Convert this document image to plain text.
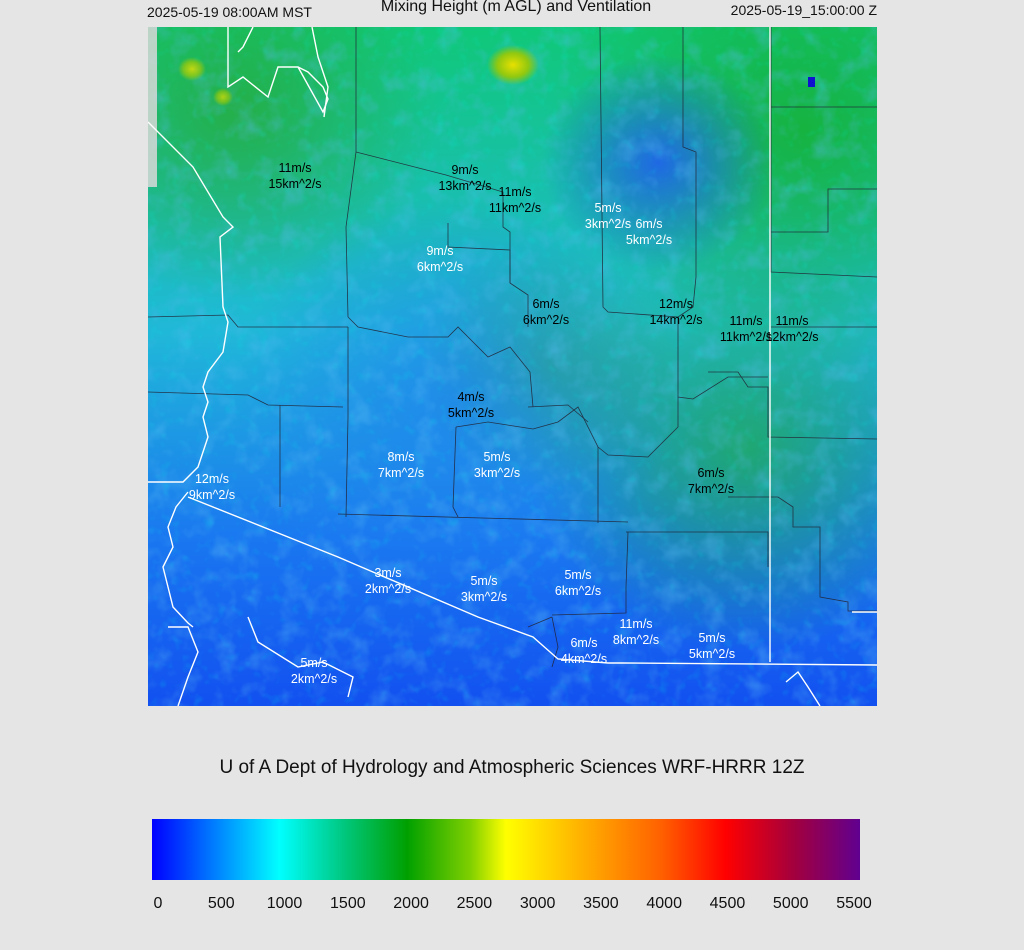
2025-05-19 08:00AM MST	Mixing Height (m AGL) and Ventilation	2025-05-19_15:00:00 Z
11m/s
15km^2/s
9m/s
13km^2/s 11m/s
11km^2/s	5m/s
3km^2/s 6m/s
5km^2/s
9m/s
6km^2/s
6m/s
6km^2/s
12m/s
14km^2/s 11m/s
11km^2/s
11m/s
12km^2/s
4m/s
5km^2/s
8m/s
7km^2/s
5m/s
3km^2/s	6m/s
7km^2/s
12m/s
9km^2/s
3m/s
2km^2/s
5m/s
3km^2/s
5m/s
6km^2/s
11m/s
8km^2/s
6m/s
4km^2/s
5m/s
5km^2/s
5m/s
2km^2/s
U of A Dept of Hydrology and Atmospheric Sciences WRF-HRRR 12Z
0	500 1000 1500 2000 2500 3000 3500 4000 4500 5000 5500
